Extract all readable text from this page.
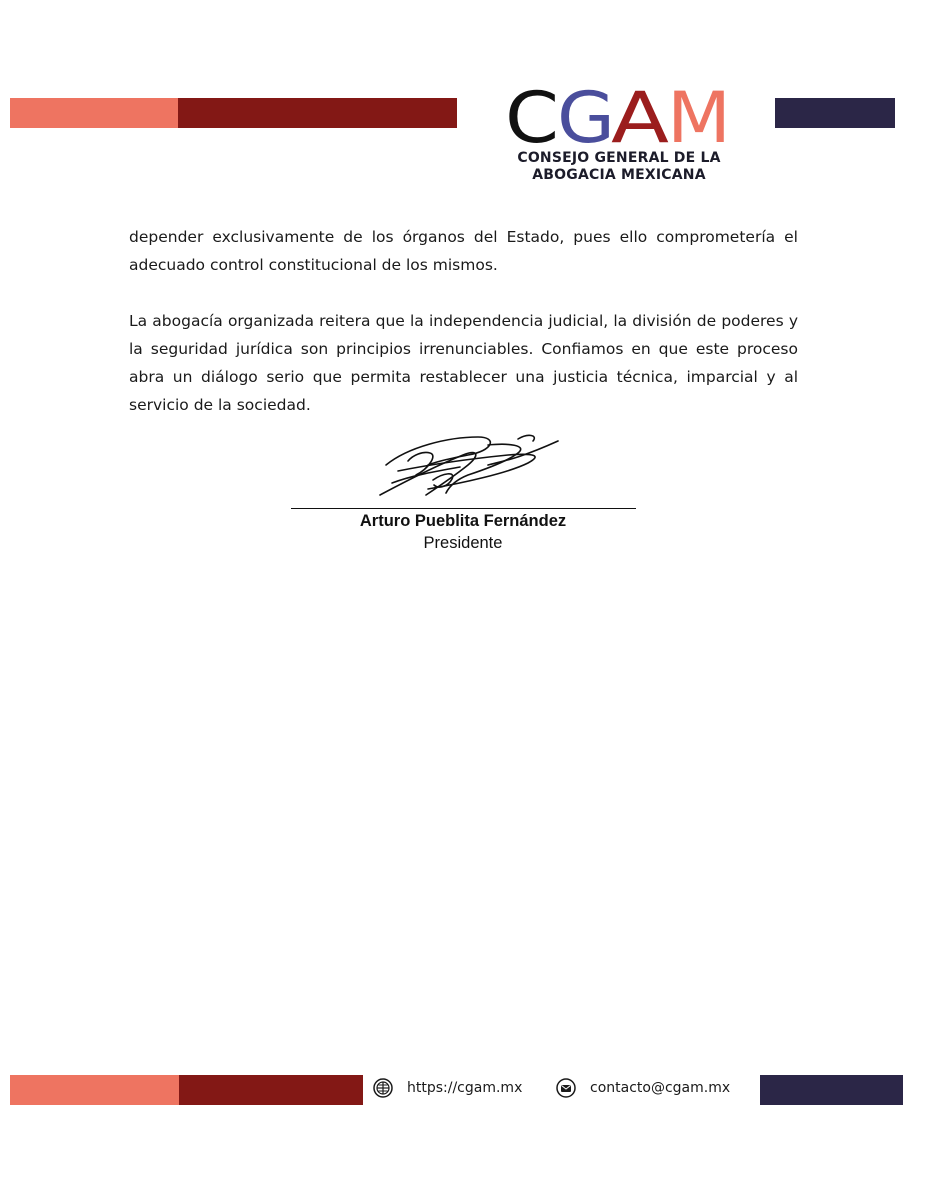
C
G
A
M
CONSEJO GENERAL DE LA
ABOGACIA MEXICANA

depender exclusivamente de los órganos del Estado, pues ello comprometería el adecuado control constitucional de los mismos.

La abogacía organizada reitera que la independencia judicial, la división de poderes y la seguridad jurídica son principios irrenunciables. Confiamos en que este proceso abra un diálogo serio que permita restablecer una justicia técnica, imparcial y al servicio de la sociedad.

Arturo Pueblita Fernández
Presidente
https://cgam.mx	contacto@cgam.mx
